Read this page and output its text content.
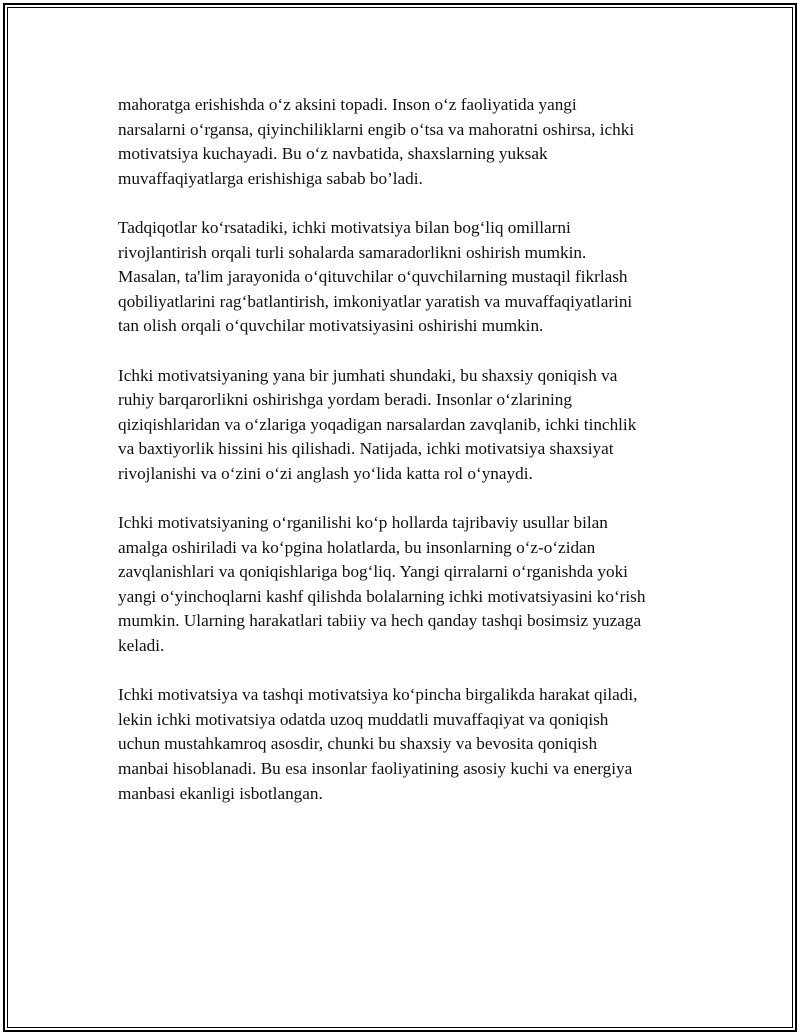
mahoratga erishishda o‘z aksini topadi. Inson o‘z faoliyatida yangi
narsalarni o‘rgansa, qiyinchiliklarni engib o‘tsa va mahoratni oshirsa, ichki
motivatsiya kuchayadi. Bu o‘z navbatida, shaxslarning yuksak
muvaffaqiyatlarga erishishiga sabab bo’ladi.

Tadqiqotlar ko‘rsatadiki, ichki motivatsiya bilan bog‘liq omillarni
rivojlantirish orqali turli sohalarda samaradorlikni oshirish mumkin.
Masalan, ta'lim jarayonida o‘qituvchilar o‘quvchilarning mustaqil fikrlash
qobiliyatlarini rag‘batlantirish, imkoniyatlar yaratish va muvaffaqiyatlarini
tan olish orqali o‘quvchilar motivatsiyasini oshirishi mumkin.

Ichki motivatsiyaning yana bir jumhati shundaki, bu shaxsiy qoniqish va
ruhiy barqarorlikni oshirishga yordam beradi. Insonlar o‘zlarining
qiziqishlaridan va o‘zlariga yoqadigan narsalardan zavqlanib, ichki tinchlik
va baxtiyorlik hissini his qilishadi. Natijada, ichki motivatsiya shaxsiyat
rivojlanishi va o‘zini o‘zi anglash yo‘lida katta rol o‘ynaydi.

Ichki motivatsiyaning o‘rganilishi ko‘p hollarda tajribaviy usullar bilan
amalga oshiriladi va ko‘pgina holatlarda, bu insonlarning o‘z-o‘zidan
zavqlanishlari va qoniqishlariga bog‘liq. Yangi qirralarni o‘rganishda yoki
yangi o‘yinchoqlarni kashf qilishda bolalarning ichki motivatsiyasini ko‘rish
mumkin. Ularning harakatlari tabiiy va hech qanday tashqi bosimsiz yuzaga
keladi.

Ichki motivatsiya va tashqi motivatsiya ko‘pincha birgalikda harakat qiladi,
lekin ichki motivatsiya odatda uzoq muddatli muvaffaqiyat va qoniqish
uchun mustahkamroq asosdir, chunki bu shaxsiy va bevosita qoniqish
manbai hisoblanadi. Bu esa insonlar faoliyatining asosiy kuchi va energiya
manbasi ekanligi isbotlangan.
